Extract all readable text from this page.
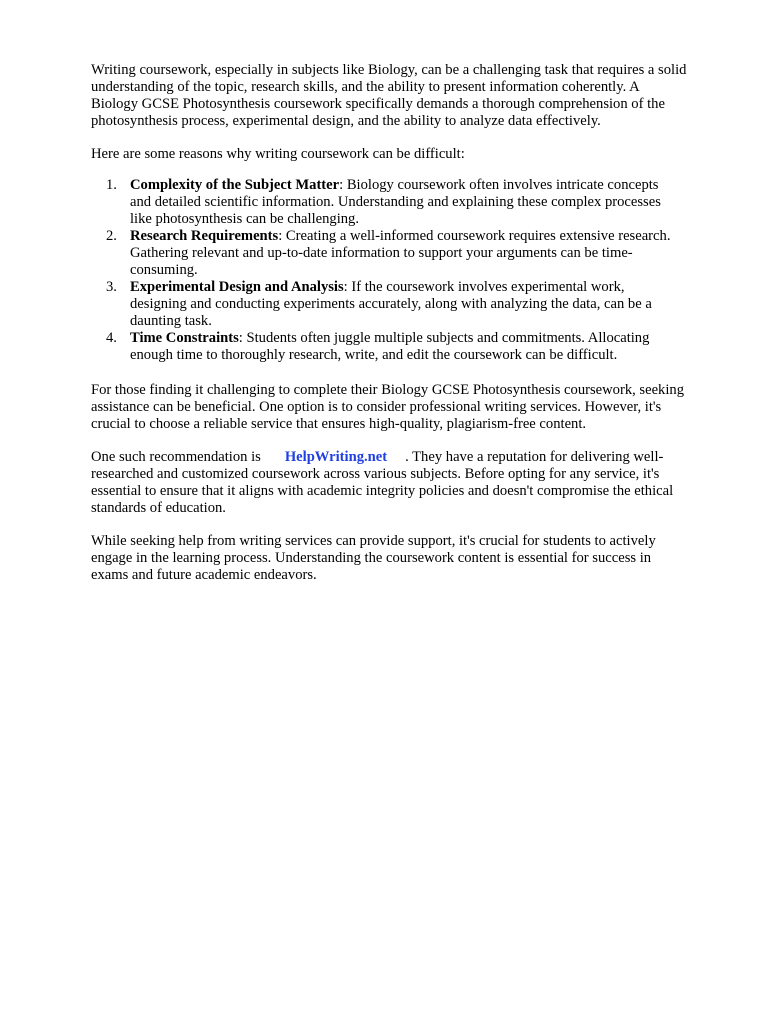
Writing coursework, especially in subjects like Biology, can be a challenging task that requires a solid
understanding of the topic, research skills, and the ability to present information coherently. A
Biology GCSE Photosynthesis coursework specifically demands a thorough comprehension of the
photosynthesis process, experimental design, and the ability to analyze data effectively.

Here are some reasons why writing coursework can be difficult:

1. Complexity of the Subject Matter: Biology coursework often involves intricate concepts
and detailed scientific information. Understanding and explaining these complex processes
like photosynthesis can be challenging.
2. Research Requirements: Creating a well-informed coursework requires extensive research.
Gathering relevant and up-to-date information to support your arguments can be time-
consuming.
3. Experimental Design and Analysis: If the coursework involves experimental work,
designing and conducting experiments accurately, along with analyzing the data, can be a
daunting task.
4. Time Constraints: Students often juggle multiple subjects and commitments. Allocating
enough time to thoroughly research, write, and edit the coursework can be difficult.

For those finding it challenging to complete their Biology GCSE Photosynthesis coursework, seeking
assistance can be beneficial. One option is to consider professional writing services. However, it's
crucial to choose a reliable service that ensures high-quality, plagiarism-free content.

One such recommendation is HelpWriting.net . They have a reputation for delivering well-
researched and customized coursework across various subjects. Before opting for any service, it's
essential to ensure that it aligns with academic integrity policies and doesn't compromise the ethical
standards of education.

While seeking help from writing services can provide support, it's crucial for students to actively
engage in the learning process. Understanding the coursework content is essential for success in
exams and future academic endeavors.
